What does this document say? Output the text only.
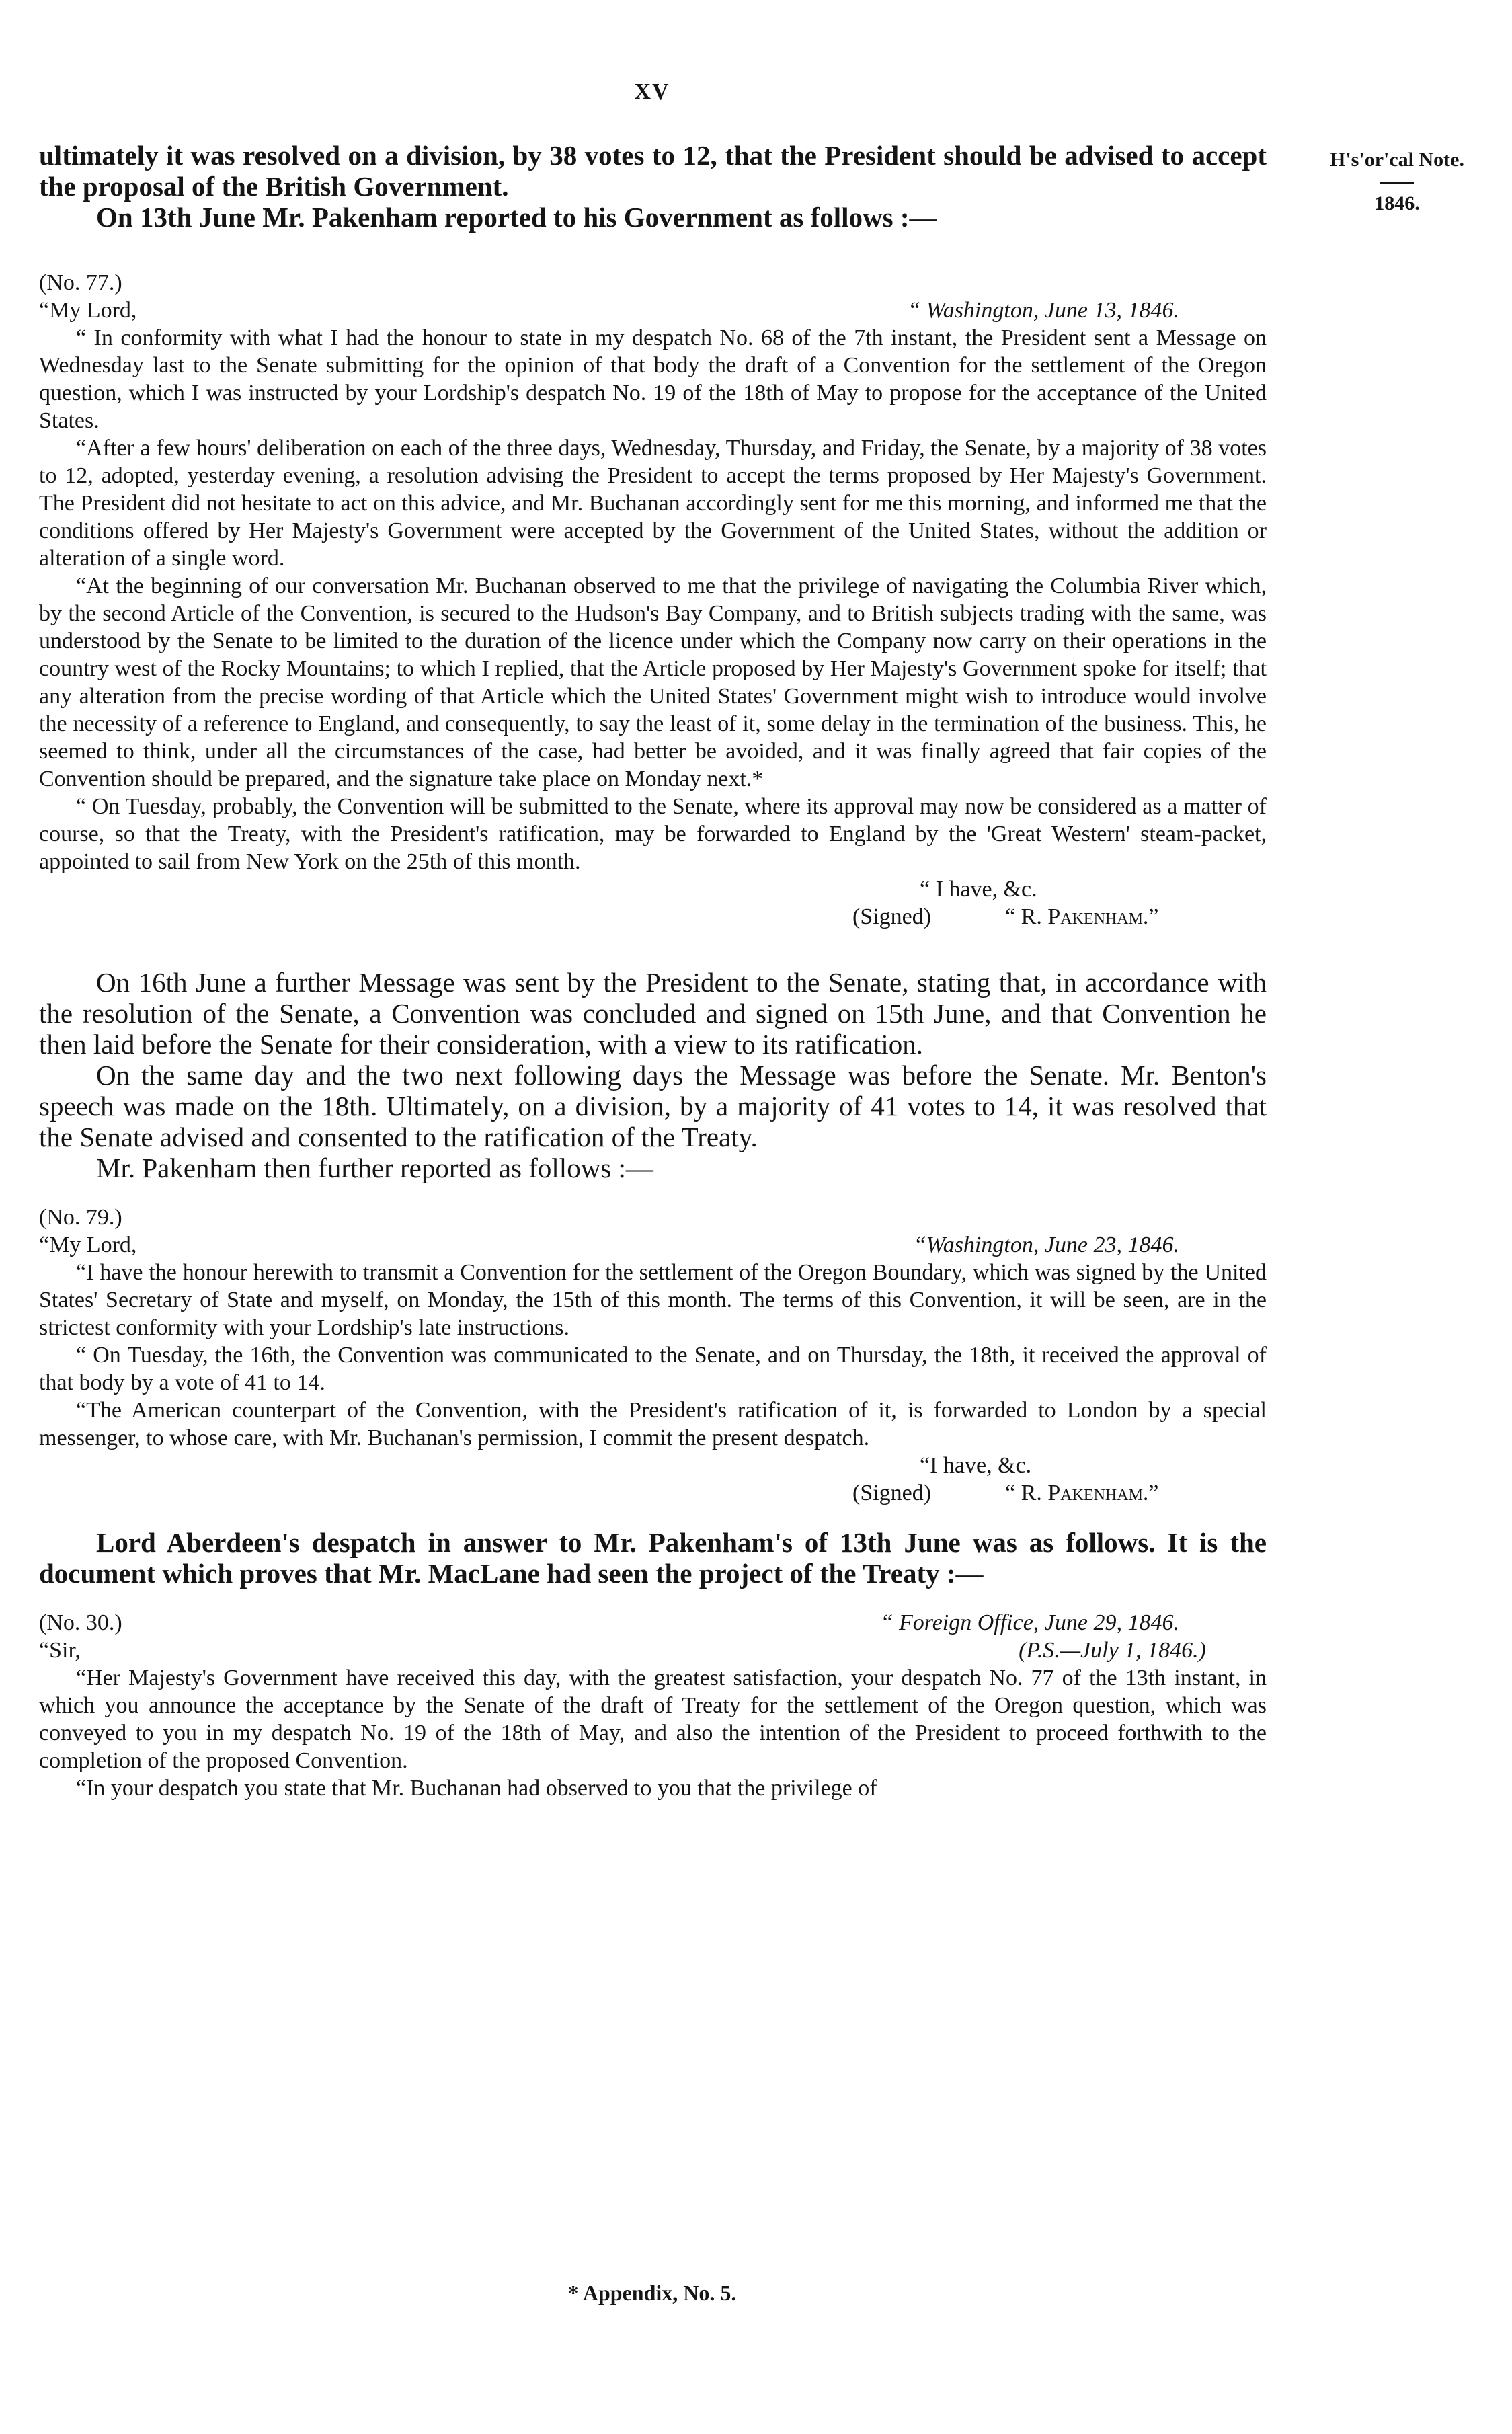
XV
H's'or'cal Note.
1846.

ultimately it was resolved on a division, by 38 votes to 12, that the President should be advised to accept the proposal of the British Government.

On 13th June Mr. Pakenham reported to his Government as follows :—

(No. 77.)

“My Lord,	“ Washington, June 13, 1846.

“ In conformity with what I had the honour to state in my despatch No. 68 of the 7th instant, the President sent a Message on Wednesday last to the Senate submitting for the opinion of that body the draft of a Convention for the settlement of the Oregon question, which I was instructed by your Lordship's despatch No. 19 of the 18th of May to propose for the acceptance of the United States.

“After a few hours' deliberation on each of the three days, Wednesday, Thursday, and Friday, the Senate, by a majority of 38 votes to 12, adopted, yesterday evening, a resolution advising the President to accept the terms proposed by Her Majesty's Government. The President did not hesitate to act on this advice, and Mr. Buchanan accordingly sent for me this morning, and informed me that the conditions offered by Her Majesty's Government were accepted by the Government of the United States, without the addition or alteration of a single word.

“At the beginning of our conversation Mr. Buchanan observed to me that the privilege of navigating the Columbia River which, by the second Article of the Convention, is secured to the Hudson's Bay Company, and to British subjects trading with the same, was understood by the Senate to be limited to the duration of the licence under which the Company now carry on their operations in the country west of the Rocky Mountains; to which I replied, that the Article proposed by Her Majesty's Government spoke for itself; that any alteration from the precise wording of that Article which the United States' Government might wish to introduce would involve the necessity of a reference to England, and consequently, to say the least of it, some delay in the termination of the business. This, he seemed to think, under all the circumstances of the case, had better be avoided, and it was finally agreed that fair copies of the Convention should be prepared, and the signature take place on Monday next.*

“ On Tuesday, probably, the Convention will be submitted to the Senate, where its approval may now be considered as a matter of course, so that the Treaty, with the President's ratification, may be forwarded to England by the 'Great Western' steam-packet, appointed to sail from New York on the 25th of this month.

“ I have, &c.
(Signed)	“ R. Pakenham.”

On 16th June a further Message was sent by the President to the Senate, stating that, in accordance with the resolution of the Senate, a Convention was concluded and signed on 15th June, and that Convention he then laid before the Senate for their consideration, with a view to its ratification.

On the same day and the two next following days the Message was before the Senate. Mr. Benton's speech was made on the 18th. Ultimately, on a division, by a majority of 41 votes to 14, it was resolved that the Senate advised and consented to the ratification of the Treaty.

Mr. Pakenham then further reported as follows :—

(No. 79.)

“My Lord,	“Washington, June 23, 1846.

“I have the honour herewith to transmit a Convention for the settlement of the Oregon Boundary, which was signed by the United States' Secretary of State and myself, on Monday, the 15th of this month. The terms of this Convention, it will be seen, are in the strictest conformity with your Lordship's late instructions.

“ On Tuesday, the 16th, the Convention was communicated to the Senate, and on Thursday, the 18th, it received the approval of that body by a vote of 41 to 14.

“The American counterpart of the Convention, with the President's ratification of it, is forwarded to London by a special messenger, to whose care, with Mr. Buchanan's permission, I commit the present despatch.

“I have, &c.
(Signed)	“ R. Pakenham.”

Lord Aberdeen's despatch in answer to Mr. Pakenham's of 13th June was as follows. It is the document which proves that Mr. MacLane had seen the project of the Treaty :—

(No. 30.)	“ Foreign Office, June 29, 1846.
“Sir,	(P.S.—July 1, 1846.)

“Her Majesty's Government have received this day, with the greatest satisfaction, your despatch No. 77 of the 13th instant, in which you announce the acceptance by the Senate of the draft of Treaty for the settlement of the Oregon question, which was conveyed to you in my despatch No. 19 of the 18th of May, and also the intention of the President to proceed forthwith to the completion of the proposed Convention.

“In your despatch you state that Mr. Buchanan had observed to you that the privilege of

* Appendix, No. 5.
